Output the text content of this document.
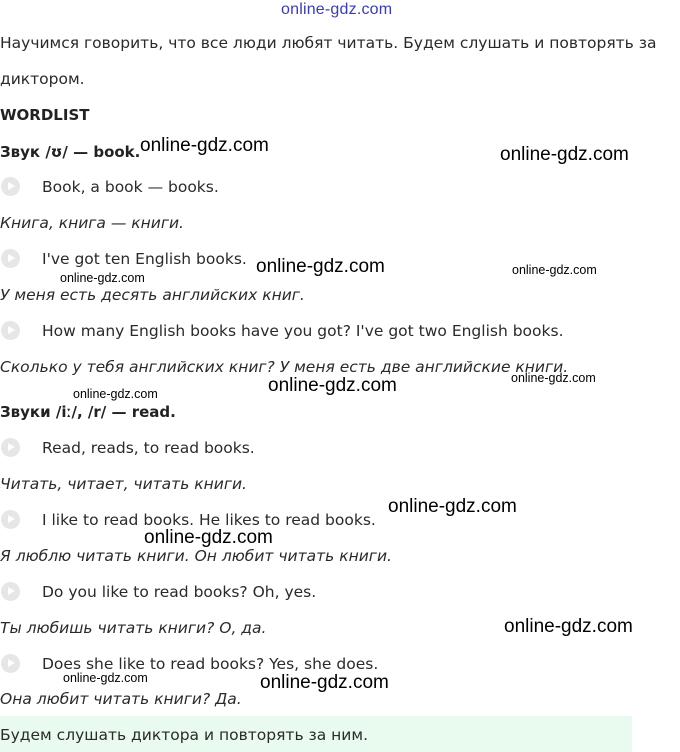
online-gdz.com
Научимся говорить, что все люди любят читать. Будем слушать и повторять за
диктором.
WORDLIST
Звук /ʊ/ — book.
Book, a book — books.
Книга, книга — книги.
I've got ten English books.
У меня есть десять английских книг.
How many English books have you got? I've got two English books.
Сколько у тебя английских книг? У меня есть две английские книги.
Звуки /iː/, /r/ — read.
Read, reads, to read books.
Читать, читает, читать книги.
I like to read books. He likes to read books.
Я люблю читать книги. Он любит читать книги.
Do you like to read books? Oh, yes.
Ты любишь читать книги? О, да.
Does she like to read books? Yes, she does.
Она любит читать книги? Да.
Будем слушать диктора и повторять за ним.
online-gdz.com	online-gdz.com
online-gdz.com	online-gdz.com
online-gdz.com
online-gdz.com	online-gdz.com
online-gdz.com
online-gdz.com
online-gdz.com
online-gdz.com
online-gdz.com	online-gdz.com
